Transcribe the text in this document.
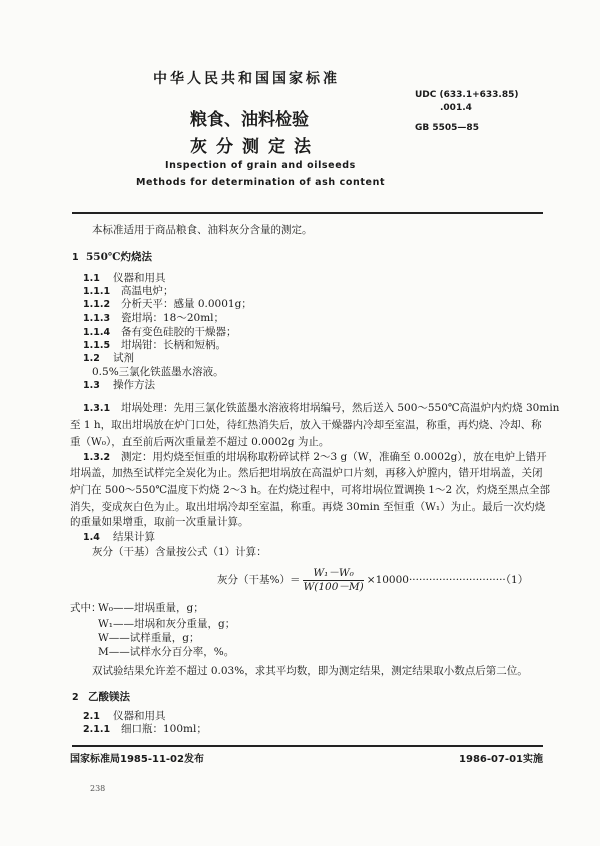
中华人民共和国国家标准
UDC (633.1+633.85)
.001.4
GB 5505—85
粮食、油料检验
灰分测定法
Inspection of grain and oilseeds
Methods for determination of ash content
本标准适用于商品粮食、油料灰分含量的测定。
1 550℃灼烧法
1.1 仪器和用具
1.1.1 高温电炉；
1.1.2 分析天平：感量 0.0001g；
1.1.3 瓷坩埚：18～20ml；
1.1.4 备有变色硅胶的干燥器；
1.1.5 坩埚钳：长柄和短柄。
1.2 试剂
0.5%三氯化铁蓝墨水溶液。
1.3 操作方法
1.3.1 坩埚处理：先用三氯化铁蓝墨水溶液将坩埚编号，然后送入 500～550℃高温炉内灼烧 30min
至 1 h，取出坩埚放在炉门口处，待红热消失后，放入干燥器内冷却至室温，称重，再灼烧、冷却、称
重（W₀），直至前后两次重量差不超过 0.0002g 为止。
1.3.2 测定：用灼烧至恒重的坩埚称取粉碎试样 2～3 g（W，准确至 0.0002g），放在电炉上错开
坩埚盖，加热至试样完全炭化为止。然后把坩埚放在高温炉口片刻，再移入炉膛内，错开坩埚盖，关闭
炉门在 500～550℃温度下灼烧 2～3 h。在灼烧过程中，可将坩埚位置调换 1～2 次，灼烧至黑点全部
消失，变成灰白色为止。取出坩埚冷却至室温，称重。再烧 30min 至恒重（W₁）为止。最后一次灼烧
的重量如果增重，取前一次重量计算。
1.4 结果计算
灰分（干基）含量按公式（1）计算：
灰分（干基%）＝ $\frac{\text{W₁－W₀}}{W(100-M)} \times 10000\cdot\cdot\cdot\cdot\cdot\cdot\cdot\cdot\cdot\cdot\cdot\cdot\cdot\cdot\cdot\cdot\cdot\cdot\cdot\cdot\cdot\cdot\cdot\cdot\cdot\cdot\cdot\cdot\cdot(1)$
式中：
W₀——坩埚重量，g；
W₁——坩埚和灰分重量，g；
W——试样重量，g；
M——试样水分百分率，%。
双试验结果允许差不超过 0.03%，求其平均数，即为测定结果，测定结果取小数点后第二位。
2 乙酸镁法
2.1 仪器和用具
2.1.1 细口瓶：100ml；
国家标准局1985-11-02发布	1986-07-01实施
238
